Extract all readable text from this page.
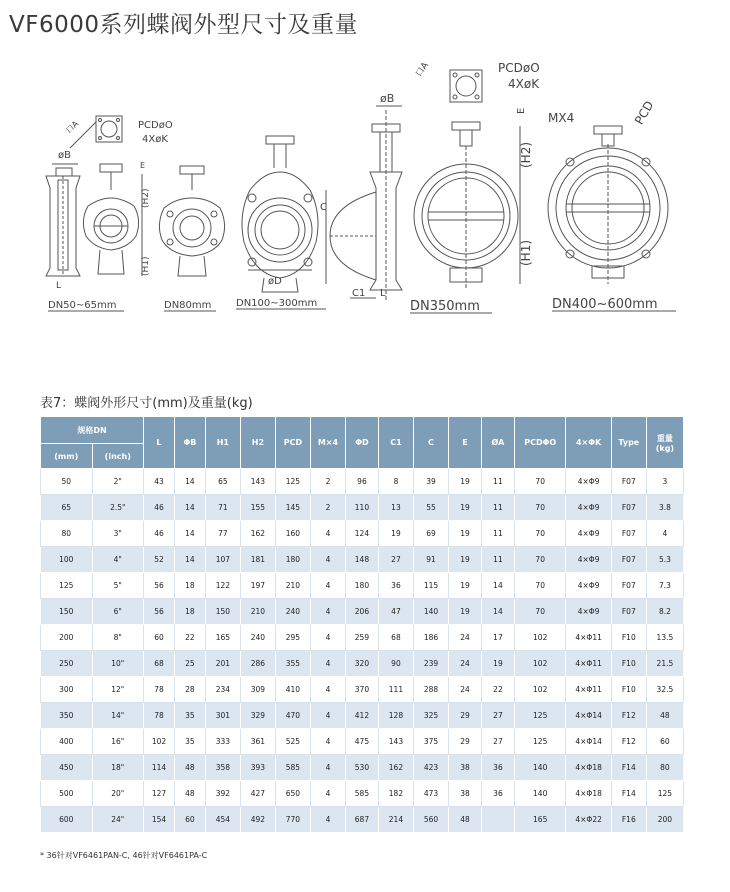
VF6000系列蝶阀外型尺寸及重量
口A	PCDøO
4XøK
øB
L
E
(H2)
(H1)
DN50~65mm	DN80mm
øD
DN100~300mm
øB
C
C1 L
口A	PCDøO
4XøK
E
(H2)
(H1)
DN350mm
MX4	PCD
DN400~600mm
表7：蝶阀外形尺寸(mm)及重量(kg)
规格DN		L	ΦB	H1	H2	PCD	M×4	ΦD	C1	C	E	ØA	PCDΦO	4×ΦK	Type	重量
(kg)
(mm)	(inch)															
50	2"	43	14	65	143	125	2	96	8	39	19	11	70	4×Φ9	F07	3
65	2.5"	46	14	71	155	145	2	110	13	55	19	11	70	4×Φ9	F07	3.8
80	3"	46	14	77	162	160	4	124	19	69	19	11	70	4×Φ9	F07	4
100	4"	52	14	107	181	180	4	148	27	91	19	11	70	4×Φ9	F07	5.3
125	5"	56	18	122	197	210	4	180	36	115	19	14	70	4×Φ9	F07	7.3
150	6"	56	18	150	210	240	4	206	47	140	19	14	70	4×Φ9	F07	8.2
200	8"	60	22	165	240	295	4	259	68	186	24	17	102	4×Φ11	F10	13.5
250	10"	68	25	201	286	355	4	320	90	239	24	19	102	4×Φ11	F10	21.5
300	12"	78	28	234	309	410	4	370	111	288	24	22	102	4×Φ11	F10	32.5
350	14"	78	35	301	329	470	4	412	128	325	29	27	125	4×Φ14	F12	48
400	16"	102	35	333	361	525	4	475	143	375	29	27	125	4×Φ14	F12	60
450	18"	114	48	358	393	585	4	530	162	423	38	36	140	4×Φ18	F14	80
500	20"	127	48	392	427	650	4	585	182	473	38	36	140	4×Φ18	F14	125
600	24"	154	60	454	492	770	4	687	214	560	48		165	4×Φ22	F16	200
* 36针对VF6461PAN-C, 46针对VF6461PA-C
